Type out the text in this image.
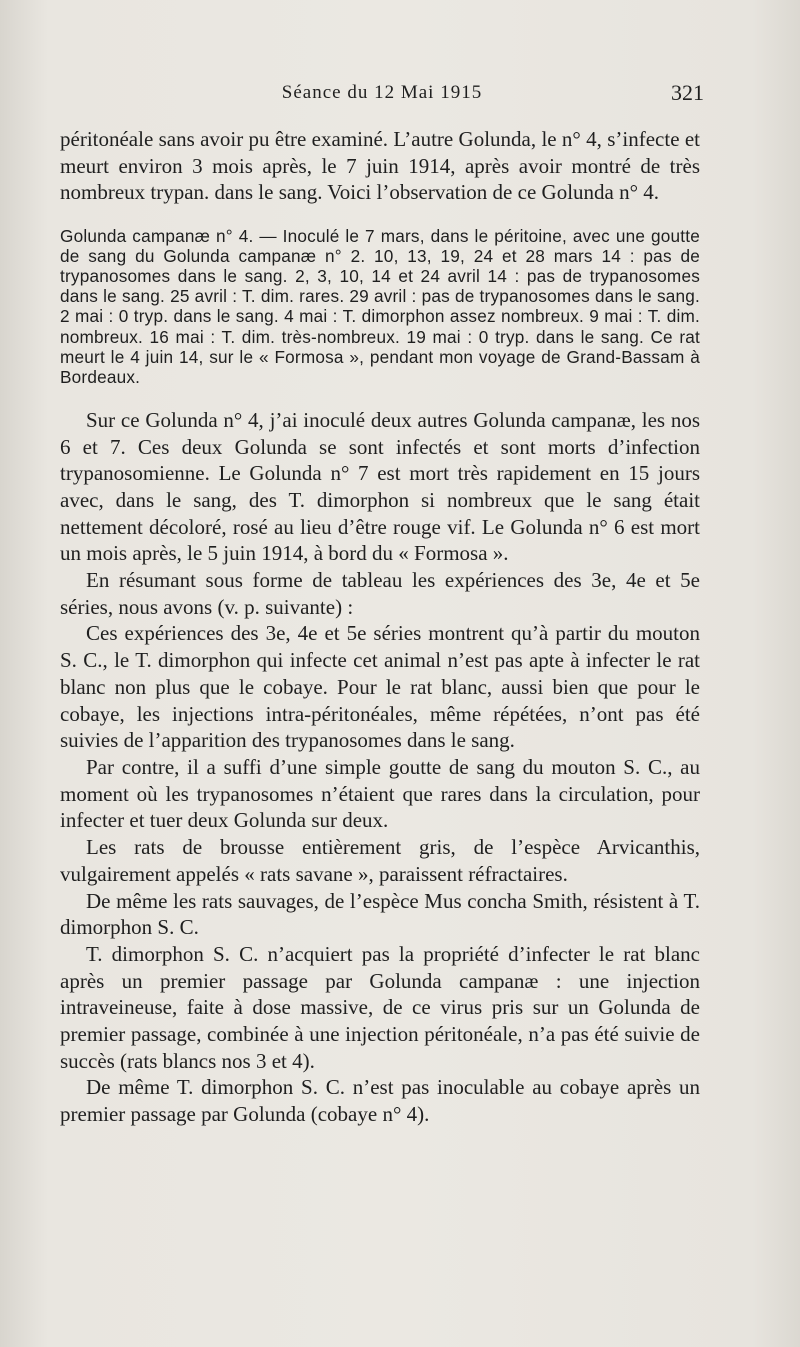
Séance du 12 Mai 1915	321

péritonéale sans avoir pu être examiné. L’autre Golunda, le n° 4, s’infecte et meurt environ 3 mois après, le 7 juin 1914, après avoir montré de très nombreux trypan. dans le sang. Voici l’observation de ce Golunda n° 4.

Golunda campanæ n° 4. — Inoculé le 7 mars, dans le péritoine, avec une goutte de sang du Golunda campanæ n° 2. 10, 13, 19, 24 et 28 mars 14 : pas de trypanosomes dans le sang. 2, 3, 10, 14 et 24 avril 14 : pas de trypanosomes dans le sang. 25 avril : T. dim. rares. 29 avril : pas de trypanosomes dans le sang. 2 mai : 0 tryp. dans le sang. 4 mai : T. dimorphon assez nombreux. 9 mai : T. dim. nombreux. 16 mai : T. dim. très-nombreux. 19 mai : 0 tryp. dans le sang. Ce rat meurt le 4 juin 14, sur le « Formosa », pendant mon voyage de Grand-Bassam à Bordeaux.

Sur ce Golunda n° 4, j’ai inoculé deux autres Golunda campanæ, les nos 6 et 7. Ces deux Golunda se sont infectés et sont morts d’infection trypanosomienne. Le Golunda n° 7 est mort très rapidement en 15 jours avec, dans le sang, des T. dimorphon si nombreux que le sang était nettement décoloré, rosé au lieu d’être rouge vif. Le Golunda n° 6 est mort un mois après, le 5 juin 1914, à bord du « Formosa ».

En résumant sous forme de tableau les expériences des 3e, 4e et 5e séries, nous avons (v. p. suivante) :

Ces expériences des 3e, 4e et 5e séries montrent qu’à partir du mouton S. C., le T. dimorphon qui infecte cet animal n’est pas apte à infecter le rat blanc non plus que le cobaye. Pour le rat blanc, aussi bien que pour le cobaye, les injections intra-péritonéales, même répétées, n’ont pas été suivies de l’apparition des trypanosomes dans le sang.

Par contre, il a suffi d’une simple goutte de sang du mouton S. C., au moment où les trypanosomes n’étaient que rares dans la circulation, pour infecter et tuer deux Golunda sur deux.

Les rats de brousse entièrement gris, de l’espèce Arvicanthis, vulgairement appelés « rats savane », paraissent réfractaires.

De même les rats sauvages, de l’espèce Mus concha Smith, résistent à T. dimorphon S. C.

T. dimorphon S. C. n’acquiert pas la propriété d’infecter le rat blanc après un premier passage par Golunda campanæ : une injection intraveineuse, faite à dose massive, de ce virus pris sur un Golunda de premier passage, combinée à une injection péritonéale, n’a pas été suivie de succès (rats blancs nos 3 et 4).

De même T. dimorphon S. C. n’est pas inoculable au cobaye après un premier passage par Golunda (cobaye n° 4).
